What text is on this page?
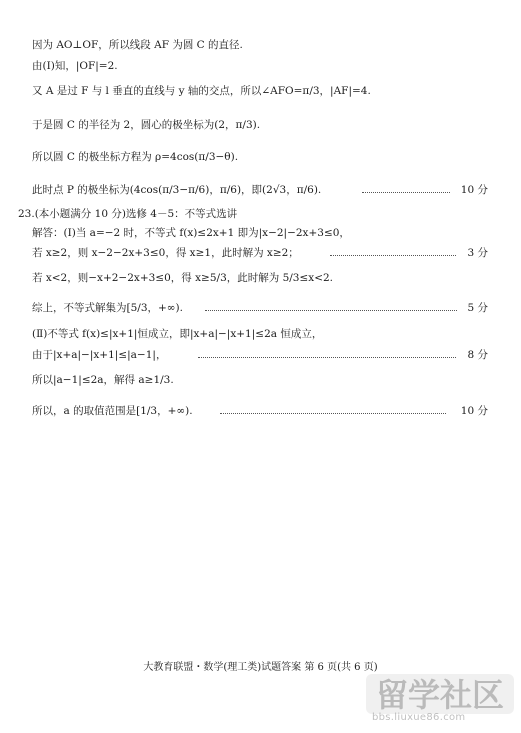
因为 AO⊥OF，所以线段 AF 为圆 C 的直径.
由(Ⅰ)知，|OF|=2.
又 A 是过 F 与 l 垂直的直线与 y 轴的交点，所以∠AFO=π/3，|AF|=4.
于是圆 C 的半径为 2，圆心的极坐标为(2，π/3).
所以圆 C 的极坐标方程为 ρ=4cos(π/3−θ).
此时点 P 的极坐标为(4cos(π/3−π/6)，π/6)，即(2√3，π/6).	10 分
23.(本小题满分 10 分)选修 4－5：不等式选讲
解答：(Ⅰ)当 a=−2 时，不等式 f(x)≤2x+1 即为|x−2|−2x+3≤0，
若 x≥2，则 x−2−2x+3≤0，得 x≥1，此时解为 x≥2；	3 分
若 x<2，则−x+2−2x+3≤0，得 x≥5/3，此时解为 5/3≤x<2.
综上，不等式解集为[5/3，+∞).	5 分
(Ⅱ)不等式 f(x)≤|x+1|恒成立，即|x+a|−|x+1|≤2a 恒成立，
由于|x+a|−|x+1|≤|a−1|，	8 分
所以|a−1|≤2a，解得 a≥1/3.
所以，a 的取值范围是[1/3，+∞).	10 分
大教育联盟・数学(理工类)试题答案 第 6 页(共 6 页)
留学社区
bbs.liuxue86.com
